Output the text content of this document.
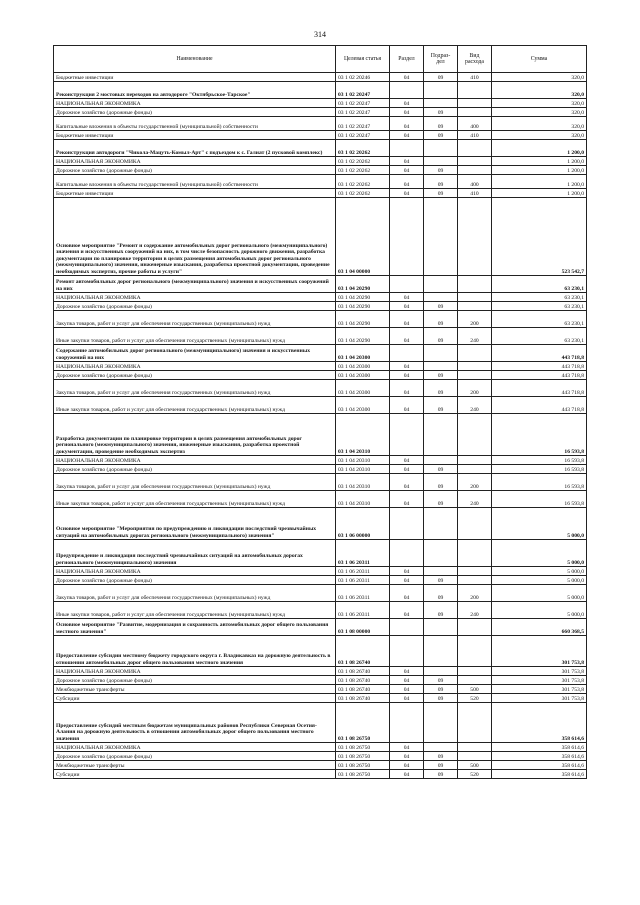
314
Наименование	Целевая статья	Раздел	Подраз-
дел	Вид
расхода	Сумма
Бюджетные инвестиции	03 1 02 20246	04	09	410	320,0
Реконструкция 2 мостовых переходов на автодороге "Октябрьское-Тарское"	03 1 02 20247				320,0
НАЦИОНАЛЬНАЯ ЭКОНОМИКА	03 1 02 20247	04			320,0
Дорожное хозяйство (дорожные фонды)	03 1 02 20247	04	09		320,0
Капитальные вложения в объекты государственной (муниципальной) собственности	03 1 02 20247	04	09	400	320,0
Бюджетные инвестиции	03 1 02 20247	04	09	410	320,0
Реконструкция автодороги "Чикола-Мацуть-Комыл-Арт" с подъездом к с. Галиат (2 пусковой комплекс)	03 1 02 20262				1 200,0
НАЦИОНАЛЬНАЯ ЭКОНОМИКА	03 1 02 20262	04			1 200,0
Дорожное хозяйство (дорожные фонды)	03 1 02 20262	04	09		1 200,0
Капитальные вложения в объекты государственной (муниципальной) собственности	03 1 02 20262	04	09	400	1 200,0
Бюджетные инвестиции	03 1 02 20262	04	09	410	1 200,0
Основное мероприятие "Ремонт и содержание автомобильных дорог регионального (межмуниципального) значения и искусственных сооружений на них, в том числе безопасность дорожного движения, разработка документации по планировке территории в целях размещения автомобильных дорог регионального (межмуниципального) значения, инженерные изыскания, разработка проектной документации, проведение необходимых экспертиз, прочие работы и услуги"	03 1 04 00000				523 542,7
Ремонт автомобильных дорог регионального (межмуниципального) значения и искусственных сооружений на них	03 1 04 20290				63 230,1
НАЦИОНАЛЬНАЯ ЭКОНОМИКА	03 1 04 20290	04			63 230,1
Дорожное хозяйство (дорожные фонды)	03 1 04 20290	04	09		63 230,1
Закупка товаров, работ и услуг для обеспечения государственных (муниципальных) нужд	03 1 04 20290	04	09	200	63 230,1
Иные закупки товаров, работ и услуг для обеспечения государственных (муниципальных) нужд	03 1 04 20290	04	09	240	63 230,1
Содержание автомобильных дорог регионального (межмуниципального) значения и искусственных сооружений на них	03 1 04 20300				443 718,8
НАЦИОНАЛЬНАЯ ЭКОНОМИКА	03 1 04 20300	04			443 718,8
Дорожное хозяйство (дорожные фонды)	03 1 04 20300	04	09		443 718,8
Закупка товаров, работ и услуг для обеспечения государственных (муниципальных) нужд	03 1 04 20300	04	09	200	443 718,8
Иные закупки товаров, работ и услуг для обеспечения государственных (муниципальных) нужд	03 1 04 20300	04	09	240	443 718,8
Разработка документации по планировке территории в целях размещения автомобильных дорог регионального (межмуниципального) значения, инженерные изыскания, разработка проектной документации, проведение необходимых экспертиз	03 1 04 20310				16 593,8
НАЦИОНАЛЬНАЯ ЭКОНОМИКА	03 1 04 20310	04			16 593,8
Дорожное хозяйство (дорожные фонды)	03 1 04 20310	04	09		16 593,8
Закупка товаров, работ и услуг для обеспечения государственных (муниципальных) нужд	03 1 04 20310	04	09	200	16 593,8
Иные закупки товаров, работ и услуг для обеспечения государственных (муниципальных) нужд	03 1 04 20310	04	09	240	16 593,8
Основное мероприятие "Мероприятия по предупреждению и ликвидации последствий чрезвычайных ситуаций на автомобильных дорогах регионального (межмуниципального) значения"	03 1 06 00000				5 000,0
Предупреждение и ликвидация последствий чрезвычайных ситуаций на автомобильных дорогах регионального (межмуниципального) значения	03 1 06 20311				5 000,0
НАЦИОНАЛЬНАЯ ЭКОНОМИКА	03 1 06 20311	04			5 000,0
Дорожное хозяйство (дорожные фонды)	03 1 06 20311	04	09		5 000,0
Закупка товаров, работ и услуг для обеспечения государственных (муниципальных) нужд	03 1 06 20311	04	09	200	5 000,0
Иные закупки товаров, работ и услуг для обеспечения государственных (муниципальных) нужд	03 1 06 20311	04	09	240	5 000,0
Основное мероприятие "Развитие, модернизация и сохранность автомобильных дорог общего пользования местного значения"	03 1 08 00000				660 368,5
Предоставление субсидии местному бюджету городского округа г. Владикавказ на дорожную деятельность в отношении автомобильных дорог общего пользования местного значения	03 1 08 26740				301 753,8
НАЦИОНАЛЬНАЯ ЭКОНОМИКА	03 1 08 26740	04			301 753,8
Дорожное хозяйство (дорожные фонды)	03 1 08 26740	04	09		301 753,8
Межбюджетные трансферты	03 1 08 26740	04	09	500	301 753,8
Субсидии	03 1 08 26740	04	09	520	301 753,8
Предоставление субсидий местным бюджетам муниципальных районов Республики Северная Осетия-Алания на дорожную деятельность в отношении автомобильных дорог общего пользования местного значения	03 1 08 26750				358 614,6
НАЦИОНАЛЬНАЯ ЭКОНОМИКА	03 1 08 26750	04			358 614,6
Дорожное хозяйство (дорожные фонды)	03 1 08 26750	04	09		358 614,6
Межбюджетные трансферты	03 1 08 26750	04	09	500	358 614,6
Субсидии	03 1 08 26750	04	09	520	358 614,6
